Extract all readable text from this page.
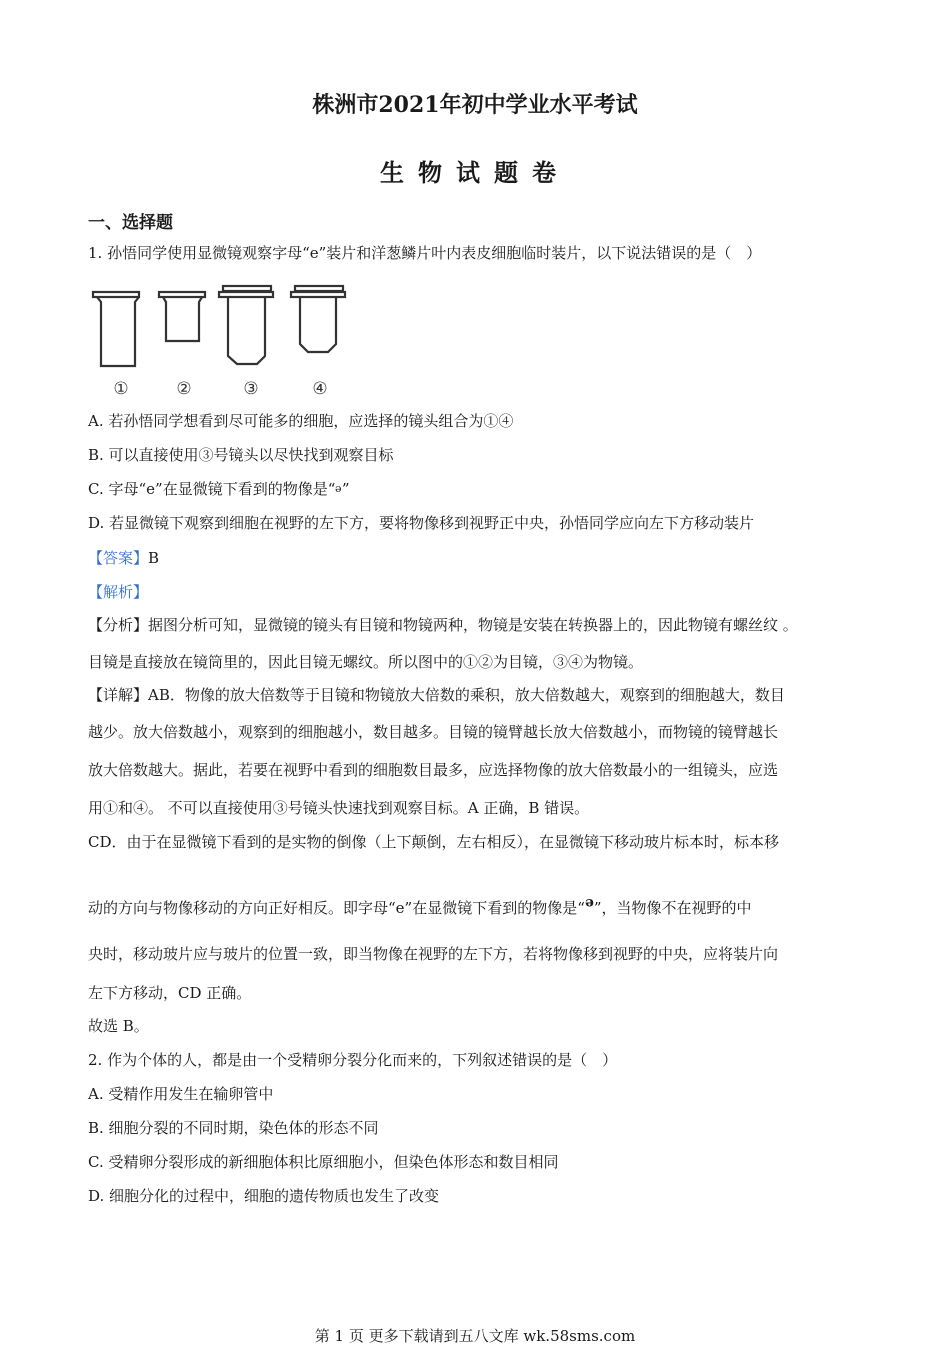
株洲市2021年初中学业水平考试
生物试题卷
一、选择题
1. 孙悟同学使用显微镜观察字母“e”装片和洋葱鳞片叶内表皮细胞临时装片，以下说法错误的是（　）
①	②	③	④
A. 若孙悟同学想看到尽可能多的细胞，应选择的镜头组合为①④
B. 可以直接使用③号镜头以尽快找到观察目标
C. 字母“e”在显微镜下看到的物像是“e”
D. 若显微镜下观察到细胞在视野的左下方，要将物像移到视野正中央，孙悟同学应向左下方移动装片
【答案】B
【解析】
【分析】据图分析可知，显微镜的镜头有目镜和物镜两种，物镜是安装在转换器上的，因此物镜有螺丝纹 。
目镜是直接放在镜筒里的，因此目镜无螺纹。所以图中的①②为目镜，③④为物镜。
【详解】AB．物像的放大倍数等于目镜和物镜放大倍数的乘积，放大倍数越大，观察到的细胞越大，数目
越少。放大倍数越小，观察到的细胞越小，数目越多。目镜的镜臂越长放大倍数越小，而物镜的镜臂越长
放大倍数越大。据此，若要在视野中看到的细胞数目最多，应选择物像的放大倍数最小的一组镜头，应选
用①和④。 不可以直接使用③号镜头快速找到观察目标。A 正确，B 错误。
CD．由于在显微镜下看到的是实物的倒像（上下颠倒，左右相反），在显微镜下移动玻片标本时，标本移
动的方向与物像移动的方向正好相反。即字母“e”在显微镜下看到的物像是“e”，当物像不在视野的中
央时，移动玻片应与玻片的位置一致，即当物像在视野的左下方，若将物像移到视野的中央，应将装片向
左下方移动，CD 正确。
故选 B。
2. 作为个体的人，都是由一个受精卵分裂分化而来的，下列叙述错误的是（　）
A. 受精作用发生在输卵管中
B. 细胞分裂的不同时期，染色体的形态不同
C. 受精卵分裂形成的新细胞体积比原细胞小，但染色体形态和数目相同
D. 细胞分化的过程中，细胞的遗传物质也发生了改变
第 1 页 更多下载请到五八文库 wk.58sms.com
